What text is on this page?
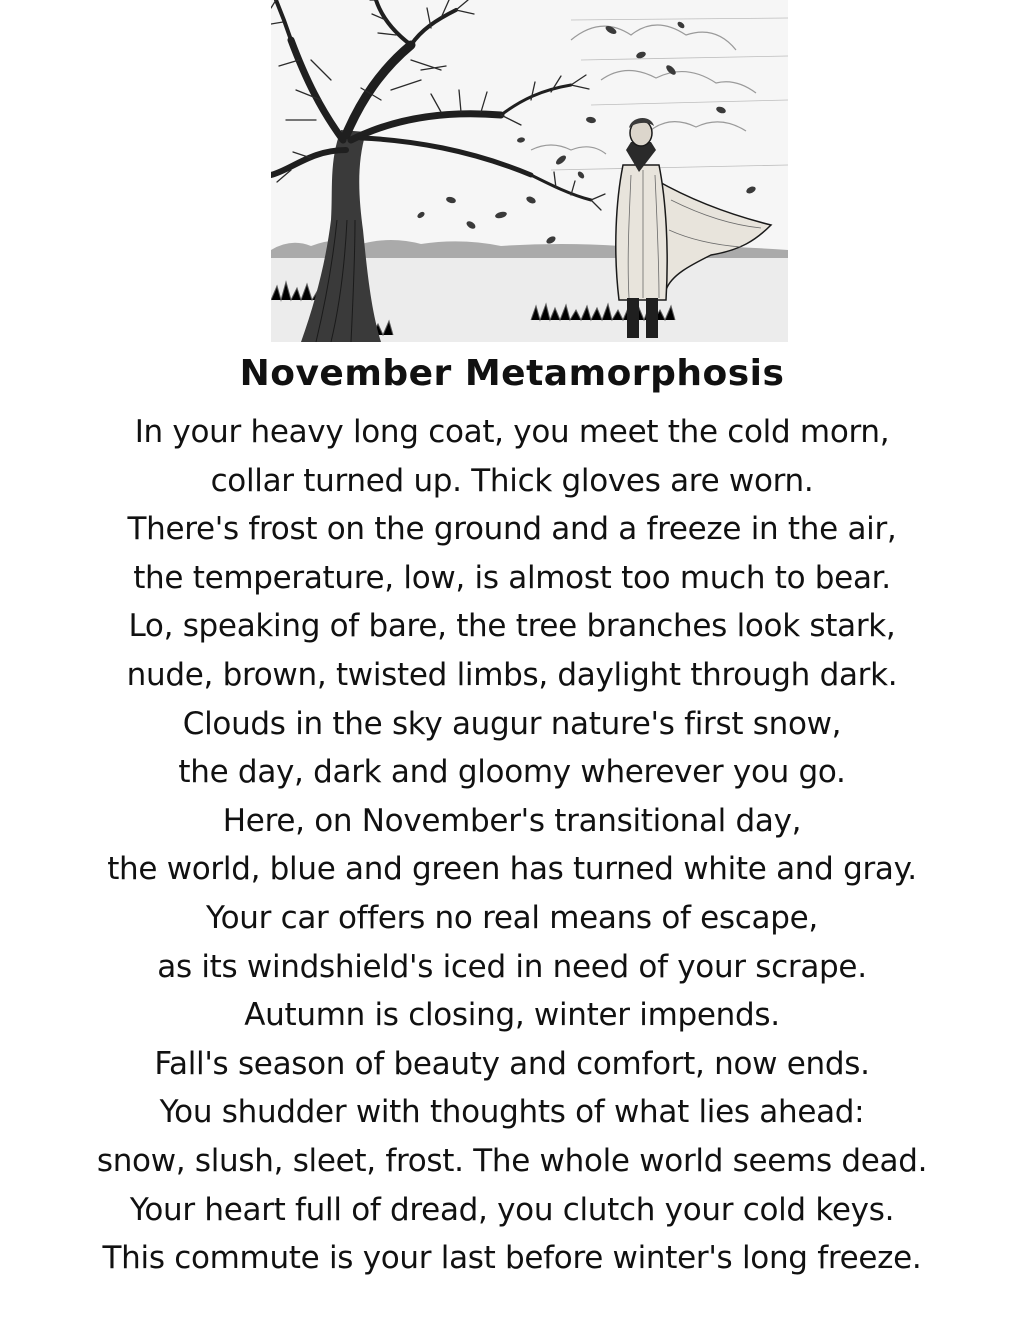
November Metamorphosis
In your heavy long coat, you meet the cold morn,
collar turned up. Thick gloves are worn.
There's frost on the ground and a freeze in the air,
the temperature, low, is almost too much to bear.
Lo, speaking of bare, the tree branches look stark,
nude, brown, twisted limbs, daylight through dark.
Clouds in the sky augur nature's first snow,
the day, dark and gloomy wherever you go.
Here, on November's transitional day,
the world, blue and green has turned white and gray.
Your car offers no real means of escape,
as its windshield's iced in need of your scrape.
Autumn is closing, winter impends.
Fall's season of beauty and comfort, now ends.
You shudder with thoughts of what lies ahead:
snow, slush, sleet, frost. The whole world seems dead.
Your heart full of dread, you clutch your cold keys.
This commute is your last before winter's long freeze.
